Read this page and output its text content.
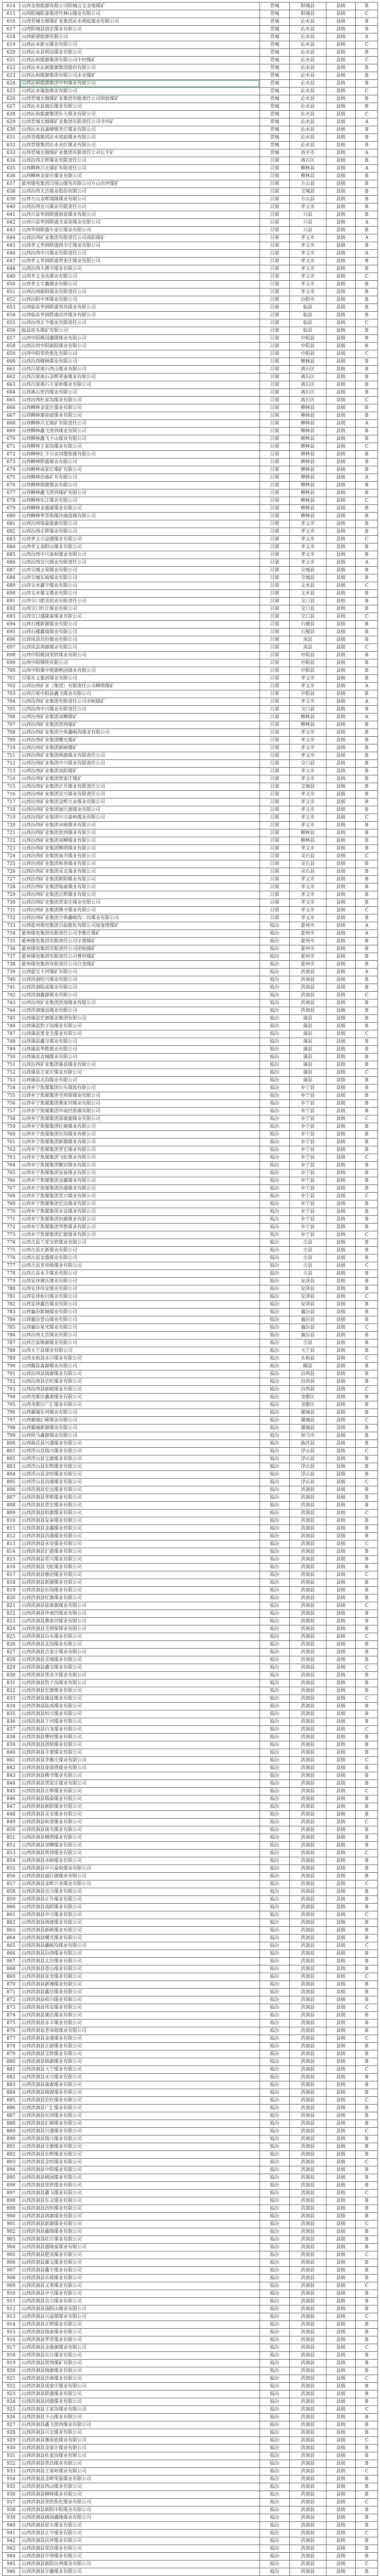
614	山西金海能源有限公司阳城五宝金地煤矿	晋城	阳城县	县级	B
615	山西阳城阳泰集团竹林山煤业有限公司	晋城	阳城县	县级	C
616	山西晋城无烟煤矿业集团沁水胡底煤业有限公司	晋城	沁水县	县级	B
617	山西阳城县润宏煤业有限公司	晋城	沁水县	县级	B
618	山西新港能源有限公司	晋城	沁水县	县级	A
619	山西沁水新元煤业有限公司	晋城	沁水县	县级	C
620	山西沁水县利达煤业有限公司	晋城	沁水县	县级	B
621	山西沁和能源集团有限公司中村煤矿	晋城	沁水县	县级	C
622	山西沁水沁新能源集团股份有限公司	晋城	沁水县	县级	B
623	山西沁和能源集团有限公司永安煤矿	晋城	沁水县	县级	B
624	山西沁和能源集团中村煤业有限公司	晋城	沁水县	县级	B
625	山西沁水蒲池煤业有限公司	晋城	沁水县	县级	C
626	山西晋城无烟煤矿业集团有限责任公司胡底煤矿	晋城	沁水县	县级	B
627	山西沁水县端氏煤业有限公司	晋城	沁水县	县级	B
628	山西沁和能源集团东大煤业有限公司	晋城	沁水县	县级	C
629	山西晋城无烟煤矿业集团有限责任公司寺河矿	晋城	沁水县	县级	A
630	山西沁水县嘉峰镇李庄煤业有限公司	晋城	沁水县	县级	B
631	山西晋煤集团沁水胡底煤业有限公司	晋城	沁水县	县级	B
632	山西晋煤集团沁水永红煤业有限公司	晋城	沁水县	县级	B
633	山西晋城无烟煤矿业集团有限责任公司长平矿	晋城	高平市	县级	A
634	山西汾西正晖煤业有限责任公司	吕梁	离石区	县级	B
635	山西柳林兴无煤矿有限责任公司	吕梁	柳林县	县级	A
636	山西柳林金家庄煤业有限公司	吕梁	柳林县	县级	B
637	霍州煤电集团吕梁山煤电有限公司方山店坪煤矿	吕梁	方山县	县级	B
638	山西汾西太岳煤业股份有限公司	吕梁	交城县	县级	B
639	山西方山金晖瑞隆煤业有限公司	吕梁	方山县	县级	B
640	山西汾西宜兴煤业有限责任公司	吕梁	孝义市	县级	B
641	山西兴县华润联盛峁底煤业有限公司	吕梁	兴县	县级	B
642	山西兴县华润联盛关家崖煤业有限公司	吕梁	兴县	县级	A
643	山西华润联盛车家庄煤业有限公司	吕梁	兴县	县级	B
644	山西汾西矿业集团有限责任公司高阳煤矿	吕梁	孝义市	县级	A
645	山西孝义华润联盛西辛庄煤业有限公司	吕梁	孝义市	县级	B
646	山西汾西中兴煤业有限责任公司	吕梁	孝义市	县级	A
647	山西孝义华润联盛贾家庄煤业有限公司	吕梁	孝义市	县级	B
648	山西汾西大佛寺煤业有限公司	吕梁	孝义市	县级	B
649	山西孝义金达煤业有限公司	吕梁	孝义市	县级	C
650	山西孝义宇鑫煤业有限公司	吕梁	孝义市	县级	B
651	山西汾西新阳煤业有限责任公司	吕梁	孝义市	县级	B
652	山西汾阳中邦煤业有限公司	吕梁	汾阳市	县级	B
653	山西临县华润联盛荣昌煤业有限公司	吕梁	临县	县级	B
654	山西临县华润联盛店坪煤业有限公司	吕梁	临县	县级	B
655	山西汾西正令煤业有限责任公司	吕梁	临县	县级	C
656	临县窑头煤矿有限公司	吕梁	临县	县级	B
657	山西中阳桃园鑫隆煤业有限公司	吕梁	中阳县	县级	B
658	山西汾西中阳新阳煤业有限公司	吕梁	中阳县	县级	B
659	山西中阳荣欣焦化有限公司	吕梁	中阳县	县级	C
660	山西汾西柳林煤业有限公司	吕梁	柳林县	县级	B
661	山西吕梁离石西山煤业有限公司	吕梁	离石区	县级	B
662	山西吕梁离石金晖荣泰煤业有限公司	吕梁	离石区	县级	B
663	山西吕梁离石王家岭煤业有限公司	吕梁	离石区	县级	B
664	山西离石贺昌煤业有限公司	吕梁	离石区	县级	B
665	山西汾西杜家沟煤业有限公司	吕梁	离石区	县级	C
666	山西柳林金家庄煤业有限公司	吕梁	柳林县	县级	B
667	山西柳林寨崖底煤业有限公司	吕梁	柳林县	县级	B
668	山西柳林兴无煤矿有限责任公司	吕梁	柳林县	县级	A
669	山西柳林鑫飞贺西煤业有限公司	吕梁	柳林县	县级	B
670	山西柳林鑫飞下山煤业有限公司	吕梁	柳林县	县级	B
671	山西柳林王家沟煤业有限公司	吕梁	柳林县	县级	C
672	山西柳林汇丰兴业同德焦煤有限公司	吕梁	柳林县	县级	B
673	山西柳林联盛煤业有限公司	吕梁	柳林县	县级	B
674	山西柳林成家庄煤矿有限公司	吕梁	柳林县	县级	B
675	山西柳林沙曲矿井有限公司	吕梁	柳林县	县级	A
676	山西柳林锦源煤业有限公司	吕梁	柳林县	县级	B
677	山西柳林鑫飞贺西煤矿有限公司	吕梁	柳林县	县级	B
678	山西柳林东江煤业有限公司	吕梁	柳林县	县级	C
679	山西柳林金盛源煤业有限公司	吕梁	柳林县	县级	B
680	山西柳林华晋焦煤沙曲选煤有限公司	吕梁	柳林县	县级	B
681	山西汾西瑞泰能源有限公司	吕梁	孝义市	县级	B
682	山西汾西正晖煤业有限公司	吕梁	孝义市	县级	B
683	山西孝义兴益德煤业有限公司	吕梁	孝义市	县级	C
684	山西孝义南阳山煤业有限公司	吕梁	孝义市	县级	B
685	山西汾西中兴泰和煤业有限公司	吕梁	孝义市	县级	B
686	山西汾西宜兴煤业有限责任公司	吕梁	孝义市	县级	A
687	山西交城义棠煤业有限公司	吕梁	交城县	县级	B
688	山西交城东坡煤业有限公司	吕梁	交城县	县级	B
689	山西文水鑫宇煤业有限公司	吕梁	文水县	县级	C
690	山西文水冀文煤业有限公司	吕梁	文水县	县级	B
691	山西交口肥美铝业有限责任公司	吕梁	交口县	县级	B
692	山西交口旺庄煤业有限公司	吕梁	交口县	县级	B
693	山西交口盛隆泰煤业有限公司	吕梁	交口县	县级	C
694	山西石楼新源煤业有限公司	吕梁	石楼县	县级	B
695	山西石楼鑫瑞煤业有限公司	吕梁	石楼县	县级	B
696	山西岚县昌恒煤业有限公司	吕梁	岚县	县级	B
697	山西岚县鸿源煤业有限公司	吕梁	岚县	县级	C
698	山西中阳桃园荣欣煤业有限公司	吕梁	中阳县	县级	B
699	山西中阳钢铁有限公司	吕梁	中阳县	县级	B
700	山西中阳冀中能源桃园煤业有限公司	吕梁	中阳县	县级	B
701	吕梁东义集团煤业有限公司	吕梁	孝义市	县级	B
702	山西汾西矿业（集团）有限责任公司柳湾煤矿	吕梁	孝义市	县级	A
703	山西吕梁中阳县鑫飞煤业有限公司	吕梁	中阳县	县级	B
704	山西汾西矿业集团有限责任公司水峪煤矿	吕梁	孝义市	县级	A
705	山西汾西中兴煤业有限责任公司	吕梁	交口县	县级	B
706	山西汾西矿业集团双柳煤矿	吕梁	柳林县	县级	A
707	山西汾西矿业集团贺西煤矿	吕梁	柳林县	县级	B
708	山西汾西矿业集团介休鑫峪沟煤业有限公司	吕梁	孝义市	县级	B
709	山西汾西矿业集团曙光煤矿	吕梁	孝义市	县级	B
710	山西汾西矿业集团新峪煤矿	吕梁	孝义市	县级	B
711	山西汾西矿业集团两渡煤业有限责任公司	吕梁	孝义市	县级	B
712	山西汾西矿业集团中兴煤业有限责任公司	吕梁	交口县	县级	B
713	山西汾西矿业集团高阳煤矿	吕梁	孝义市	县级	B
714	山西汾西矿业集团贾家庄煤矿	吕梁	孝义市	县级	B
715	山西汾西矿业集团正升煤业有限责任公司	吕梁	交城县	县级	B
716	山西汾西矿业集团宜兴煤业有限责任公司	吕梁	孝义市	县级	B
717	山西汾西矿业集团金晖兴业煤业有限公司	吕梁	孝义市	县级	B
718	山西汾西矿业集团福巨源煤业有限公司	吕梁	孝义市	县级	B
719	山西汾西矿业集团中兴泰和煤业有限公司	吕梁	孝义市	县级	C
720	山西汾西矿业集团水峪煤业有限公司	吕梁	孝义市	县级	B
721	山西汾西矿业集团贺西煤业有限公司	吕梁	柳林县	县级	B
722	山西汾西矿业集团双柳煤业有限公司	吕梁	柳林县	县级	B
723	山西汾西矿业集团柳湾煤业有限公司	吕梁	孝义市	县级	B
724	山西汾西矿业集团南关煤业有限公司	吕梁	灵石县	县级	C
725	山西汾西矿业集团和善煤业有限公司	吕梁	灵石县	县级	B
726	山西汾西矿业集团灵北煤业有限公司	吕梁	灵石县	县级	B
727	山西汾西矿业集团新阳煤业有限公司	吕梁	孝义市	县级	B
728	山西汾西矿业集团瑞泰煤业有限公司	吕梁	孝义市	县级	B
729	山西汾西矿业集团正晖煤业有限公司	吕梁	孝义市	县级	B
730	山西汾西矿业集团贾家庄煤业有限公司	吕梁	孝义市	县级	B
731	山西汾西矿业集团佛寺煤业有限公司	吕梁	孝义市	县级	C
732	山西汾西矿业集团介休鑫峪沟二坑煤业有限公司	吕梁	孝义市	县级	B
733	山西霍州煤电集团吕临能化有限公司庞庞塔煤矿	临汾	霍州市	县级	A
734	霍州煤电集团有限责任公司李雅庄煤矿	临汾	霍州市	县级	A
735	霍州煤电集团有限责任公司辛置煤矿	临汾	霍州市	县级	B
736	霍州煤电集团有限责任公司团柏煤矿	临汾	霍州市	县级	B
737	霍州煤电集团有限责任公司曹村煤矿	临汾	霍州市	县级	B
738	霍州煤电集团有限责任公司白龙煤矿	临汾	霍州市	县级	B
739	山西霍宝干河煤矿有限公司	临汾	洪洞县	县级	A
740	山西洪洞恒兴煤业有限公司	临汾	洪洞县	县级	B
741	山西洪洞陆成煤业有限公司	临汾	洪洞县	县级	B
742	山西洪洞鑫源煤业有限公司	临汾	洪洞县	县级	C
743	山西汾西矿业集团洪洞煤业有限公司	临汾	洪洞县	县级	B
744	山西洪洞蒲县煤业有限公司	临汾	洪洞县	县级	B
745	山西蒲县宏源煤业集团有限公司	临汾	蒲县	县级	B
746	山西蒲县豹子沟煤业有限公司	临汾	蒲县	县级	B
747	山西蒲县黑龙关煤业有限公司	临汾	蒲县	县级	C
748	山西蒲县鑫宝煤业有限公司	临汾	蒲县	县级	B
749	山西蒲县华胜煤业有限公司	临汾	蒲县	县级	B
750	山西蒲县克城煤业有限公司	临汾	蒲县	县级	B
751	山西汾西矿业集团蒲县煤业有限公司	临汾	蒲县	县级	B
752	山西蒲县吉家庄煤业有限公司	临汾	蒲县	县级	C
753	山西蒲县北沟煤业有限公司	临汾	蒲县	县级	B
754	山西乡宁焦煤集团台头煤焦有限公司	临汾	乡宁县	县级	B
755	山西乡宁焦煤集团毛则渠煤炭有限公司	临汾	乡宁县	县级	B
756	山西乡宁焦煤集团燕家河煤业有限公司	临汾	乡宁县	县级	B
757	山西乡宁焦煤集团申南凹焦煤有限公司	临汾	乡宁县	县级	B
758	山西乡宁焦煤集团富康源煤业有限公司	临汾	乡宁县	县级	C
759	山西乡宁焦煤集团红旗煤业有限公司	临汾	乡宁县	县级	B
760	山西乡宁焦煤集团东沟煤业有限公司	临汾	乡宁县	县级	B
761	山西乡宁焦煤集团新源煤业有限公司	临汾	乡宁县	县级	B
762	山西乡宁焦煤集团晋宏煤业有限公司	临汾	乡宁县	县级	B
763	山西乡宁焦煤集团飞虹煤业有限公司	临汾	乡宁县	县级	C
764	山西乡宁焦煤集团雅居煤业有限公司	临汾	乡宁县	县级	B
765	山西乡宁焦煤集团安泰煤业有限公司	临汾	乡宁县	县级	B
766	山西乡宁焦煤集团金鑫煤业有限公司	临汾	乡宁县	县级	B
767	山西乡宁焦煤集团昌盛煤业有限公司	临汾	乡宁县	县级	B
768	山西乡宁焦煤集团晋兴煤业有限公司	临汾	乡宁县	县级	C
769	山西乡宁焦煤集团宏达煤业有限公司	临汾	乡宁县	县级	B
770	山西乡宁焦煤集团永安煤业有限公司	临汾	乡宁县	县级	B
771	山西乡宁焦煤集团恒源煤业有限公司	临汾	乡宁县	县级	B
772	山西乡宁焦煤集团华胜煤业有限公司	临汾	乡宁县	县级	B
773	山西乡宁焦煤集团汇能煤业有限公司	临汾	乡宁县	县级	C
774	山西古县兰花宝欣煤业有限公司	临汾	古县	县级	B
775	山西古县正新煤业有限公司	临汾	古县	县级	B
776	山西古县金盛煤业有限公司	临汾	古县	县级	B
777	山西古县老母坡煤业有限公司	临汾	古县	县级	C
778	山西古县永丰煤业有限公司	临汾	古县	县级	B
779	山西安泽冀氏煤业有限公司	临汾	安泽县	县级	B
780	山西安泽伟安煤业有限公司	临汾	安泽县	县级	B
781	山西安泽和川煤业有限公司	临汾	安泽县	县级	C
782	山西安泽鑫岳煤业有限公司	临汾	安泽县	县级	B
783	山西襄汾新城煤业有限公司	临汾	襄汾县	县级	B
784	山西襄汾苍山煤业有限公司	临汾	襄汾县	县级	B
785	山西襄汾星光煤业有限公司	临汾	襄汾县	县级	C
786	山西汾西太岳煤业有限公司	临汾	襄汾县	县级	B
787	山西吉县锦源煤业有限公司	临汾	吉县	县级	B
788	山西大宁县煤业有限公司	临汾	大宁县	县级	B
789	山西永和县永兴煤业有限公司	临汾	永和县	县级	C
790	山西隰县森源煤业有限公司	临汾	隰县	县级	B
791	山西汾西县瑞源煤业有限公司	临汾	汾西县	县级	B
792	山西汾西县宏旺煤业有限公司	临汾	汾西县	县级	B
793	山西汾西县新峪煤业有限公司	临汾	汾西县	县级	C
794	山西尧都区鑫源煤业有限公司	临汾	尧都区	县级	B
795	山西尧都区广汇煤业有限公司	临汾	尧都区	县级	B
796	山西翼城东河煤业有限公司	临汾	翼城县	县级	B
797	山西翼城汇嵘煤业有限公司	临汾	翼城县	县级	C
798	山西翼城新源煤业有限公司	临汾	翼城县	县级	B
799	山西侯马鑫源煤业有限公司	临汾	侯马市	县级	B
800	山西曲沃县兴盛煤业有限公司	临汾	曲沃县	县级	B
801	山西浮山县瑞兴煤业有限公司	临汾	浮山县	县级	C
802	山西浮山县宝源煤业有限公司	临汾	浮山县	县级	B
803	山西浮山县东辉煤业有限公司	临汾	浮山县	县级	B
804	山西浮山县金恒煤业有限公司	临汾	浮山县	县级	B
805	山西浮山县昌盛煤业有限公司	临汾	浮山县	县级	C
806	山西洪洞县宏达煤业有限公司	临汾	洪洞县	县级	B
807	山西洪洞县华胜煤业有限公司	临汾	洪洞县	县级	B
808	山西洪洞县晋宏煤业有限公司	临汾	洪洞县	县级	B
809	山西洪洞县恒源煤业有限公司	临汾	洪洞县	县级	C
810	山西洪洞县安泰煤业有限公司	临汾	洪洞县	县级	B
811	山西洪洞县金鑫煤业有限公司	临汾	洪洞县	县级	B
812	山西洪洞县昌盛煤业有限公司	临汾	洪洞县	县级	B
813	山西洪洞县永安煤业有限公司	临汾	洪洞县	县级	C
814	山西洪洞县汇能煤业有限公司	临汾	洪洞县	县级	B
815	山西洪洞县晋兴煤业有限公司	临汾	洪洞县	县级	B
816	山西洪洞县飞虹煤业有限公司	临汾	洪洞县	县级	B
817	山西洪洞县雅居煤业有限公司	临汾	洪洞县	县级	C
818	山西洪洞县新源煤业有限公司	临汾	洪洞县	县级	B
819	山西洪洞县东沟煤业有限公司	临汾	洪洞县	县级	B
820	山西洪洞县红旗煤业有限公司	临汾	洪洞县	县级	B
821	山西洪洞县富康源煤业有限公司	临汾	洪洞县	县级	C
822	山西洪洞县申南凹煤业有限公司	临汾	洪洞县	县级	B
823	山西洪洞县燕家河煤业有限公司	临汾	洪洞县	县级	B
824	山西洪洞县毛则渠煤业有限公司	临汾	洪洞县	县级	B
825	山西洪洞县台头煤业有限公司	临汾	洪洞县	县级	C
826	山西洪洞县北沟煤业有限公司	临汾	洪洞县	县级	B
827	山西洪洞县吉家庄煤业有限公司	临汾	洪洞县	县级	B
828	山西洪洞县克城煤业有限公司	临汾	洪洞县	县级	B
829	山西洪洞县鑫宝煤业有限公司	临汾	洪洞县	县级	C
830	山西洪洞县黑龙关煤业有限公司	临汾	洪洞县	县级	B
831	山西洪洞县豹子沟煤业有限公司	临汾	洪洞县	县级	B
832	山西洪洞县宏源煤业有限公司	临汾	洪洞县	县级	B
833	山西洪洞县蒲县煤业有限公司	临汾	洪洞县	县级	C
834	山西洪洞县陆成煤业有限公司	临汾	洪洞县	县级	B
835	山西洪洞县恒兴煤业有限公司	临汾	洪洞县	县级	B
836	山西洪洞县干河煤业有限公司	临汾	洪洞县	县级	B
837	山西洪洞县白龙煤业有限公司	临汾	洪洞县	县级	C
838	山西洪洞县曹村煤业有限公司	临汾	洪洞县	县级	B
839	山西洪洞县团柏煤业有限公司	临汾	洪洞县	县级	B
840	山西洪洞县辛置煤业有限公司	临汾	洪洞县	县级	B
841	山西洪洞县李雅庄煤业有限公司	临汾	洪洞县	县级	C
842	山西洪洞县庞庞塔煤业有限公司	临汾	洪洞县	县级	B
843	山西洪洞县佛寺煤业有限公司	临汾	洪洞县	县级	B
844	山西洪洞县贾家庄煤业有限公司	临汾	洪洞县	县级	B
845	山西洪洞县正晖煤业有限公司	临汾	洪洞县	县级	C
846	山西洪洞县瑞泰煤业有限公司	临汾	洪洞县	县级	B
847	山西洪洞县新阳煤业有限公司	临汾	洪洞县	县级	B
848	山西洪洞县灵北煤业有限公司	临汾	洪洞县	县级	B
849	山西洪洞县和善煤业有限公司	临汾	洪洞县	县级	C
850	山西洪洞县南关煤业有限公司	临汾	洪洞县	县级	B
851	山西洪洞县柳湾煤业有限公司	临汾	洪洞县	县级	B
852	山西洪洞县双柳煤业有限公司	临汾	洪洞县	县级	B
853	山西洪洞县贺西煤业有限公司	临汾	洪洞县	县级	C
854	山西洪洞县水峪煤业有限公司	临汾	洪洞县	县级	B
855	山西洪洞县中兴泰和煤业有限公司	临汾	洪洞县	县级	B
856	山西洪洞县福巨源煤业有限公司	临汾	洪洞县	县级	B
857	山西洪洞县金晖兴业煤业有限公司	临汾	洪洞县	县级	C
858	山西洪洞县宜兴煤业有限公司	临汾	洪洞县	县级	B
859	山西洪洞县正升煤业有限公司	临汾	洪洞县	县级	B
860	山西洪洞县高阳煤业有限公司	临汾	洪洞县	县级	B
861	山西洪洞县中兴煤业有限公司	临汾	洪洞县	县级	C
862	山西洪洞县两渡煤业有限公司	临汾	洪洞县	县级	B
863	山西洪洞县新峪煤业有限公司	临汾	洪洞县	县级	B
864	山西洪洞县曙光煤业有限公司	临汾	洪洞县	县级	B
865	山西洪洞县鑫峪沟煤业有限公司	临汾	洪洞县	县级	C
866	山西洪洞县汾西煤业有限公司	临汾	洪洞县	县级	B
867	山西洪洞县太岳煤业有限公司	临汾	洪洞县	县级	B
868	山西洪洞县苍山煤业有限公司	临汾	洪洞县	县级	B
869	山西洪洞县星光煤业有限公司	临汾	洪洞县	县级	C
870	山西洪洞县新城煤业有限公司	临汾	洪洞县	县级	B
871	山西洪洞县鑫岳煤业有限公司	临汾	洪洞县	县级	B
872	山西洪洞县和川煤业有限公司	临汾	洪洞县	县级	B
873	山西洪洞县伟安煤业有限公司	临汾	洪洞县	县级	C
874	山西洪洞县冀氏煤业有限公司	临汾	洪洞县	县级	B
875	山西洪洞县永丰煤业有限公司	临汾	洪洞县	县级	B
876	山西洪洞县老母坡煤业有限公司	临汾	洪洞县	县级	B
877	山西洪洞县金盛煤业有限公司	临汾	洪洞县	县级	C
878	山西洪洞县正新煤业有限公司	临汾	洪洞县	县级	B
879	山西洪洞县宝欣煤业有限公司	临汾	洪洞县	县级	B
880	山西洪洞县锦源煤业有限公司	临汾	洪洞县	县级	B
881	山西洪洞县大宁煤业有限公司	临汾	洪洞县	县级	C
882	山西洪洞县永兴煤业有限公司	临汾	洪洞县	县级	B
883	山西洪洞县森源煤业有限公司	临汾	洪洞县	县级	B
884	山西洪洞县瑞源煤业有限公司	临汾	洪洞县	县级	B
885	山西洪洞县宏旺煤业有限公司	临汾	洪洞县	县级	C
886	山西洪洞县广汇煤业有限公司	临汾	洪洞县	县级	B
887	山西洪洞县东河煤业有限公司	临汾	洪洞县	县级	B
888	山西洪洞县汇嵘煤业有限公司	临汾	洪洞县	县级	B
889	山西洪洞县兴盛煤业有限公司	临汾	洪洞县	县级	C
890	山西洪洞县瑞兴煤业有限公司	临汾	洪洞县	县级	B
891	山西洪洞县宝源煤业有限公司	临汾	洪洞县	县级	B
892	山西洪洞县东辉煤业有限公司	临汾	洪洞县	县级	B
893	山西洪洞县金恒煤业有限公司	临汾	洪洞县	县级	C
894	山西洪洞县中阳煤业有限公司	临汾	洪洞县	县级	B
895	山西洪洞县桃园煤业有限公司	临汾	洪洞县	县级	B
896	山西洪洞县荣欣煤业有限公司	临汾	洪洞县	县级	B
897	山西洪洞县鑫飞煤业有限公司	临汾	洪洞县	县级	C
898	山西洪洞县东义煤业有限公司	临汾	洪洞县	县级	B
899	山西洪洞县昌恒煤业有限公司	临汾	洪洞县	县级	B
900	山西洪洞县鸿源煤业有限公司	临汾	洪洞县	县级	B
901	山西洪洞县新源煤业有限公司	临汾	洪洞县	县级	C
902	山西洪洞县鑫瑞煤业有限公司	临汾	洪洞县	县级	B
903	山西洪洞县旺庄煤业有限公司	临汾	洪洞县	县级	B
904	山西洪洞县盛隆泰煤业有限公司	临汾	洪洞县	县级	B
905	山西洪洞县肥美煤业有限公司	临汾	洪洞县	县级	C
906	山西洪洞县冀文煤业有限公司	临汾	洪洞县	县级	B
907	山西洪洞县鑫宇煤业有限公司	临汾	洪洞县	县级	B
908	山西洪洞县东坡煤业有限公司	临汾	洪洞县	县级	B
909	山西洪洞县义棠煤业有限公司	临汾	洪洞县	县级	C
910	山西洪洞县中兴煤业有限公司	临汾	洪洞县	县级	B
911	山西洪洞县宜兴煤业有限公司	临汾	洪洞县	县级	B
912	山西洪洞县南阳山煤业有限公司	临汾	洪洞县	县级	B
913	山西洪洞县兴益德煤业有限公司	临汾	洪洞县	县级	C
914	山西洪洞县正晖煤业有限公司	临汾	洪洞县	县级	B
915	山西洪洞县瑞泰煤业有限公司	临汾	洪洞县	县级	B
916	山西洪洞县华晋煤业有限公司	临汾	洪洞县	县级	B
917	山西洪洞县金盛源煤业有限公司	临汾	洪洞县	县级	C
918	山西洪洞县东江煤业有限公司	临汾	洪洞县	县级	B
919	山西洪洞县贺西煤矿有限公司	临汾	洪洞县	县级	B
920	山西洪洞县锦源煤业有限公司	临汾	洪洞县	县级	B
921	山西洪洞县沙曲煤业有限公司	临汾	洪洞县	县级	C
922	山西洪洞县成家庄煤业有限公司	临汾	洪洞县	县级	B
923	山西洪洞县联盛煤业有限公司	临汾	洪洞县	县级	B
924	山西洪洞县同德煤业有限公司	临汾	洪洞县	县级	B
925	山西洪洞县王家沟煤业有限公司	临汾	洪洞县	县级	C
926	山西洪洞县下山煤业有限公司	临汾	洪洞县	县级	B
927	山西洪洞县鑫飞贺西煤业有限公司	临汾	洪洞县	县级	B
928	山西洪洞县兴无煤业有限公司	临汾	洪洞县	县级	B
929	山西洪洞县寨崖底煤业有限公司	临汾	洪洞县	县级	C
930	山西洪洞县金家庄煤业有限公司	临汾	洪洞县	县级	B
931	山西洪洞县杜家沟煤业有限公司	临汾	洪洞县	县级	B
932	山西洪洞县贺昌煤业有限公司	临汾	洪洞县	县级	B
933	山西洪洞县王家岭煤业有限公司	临汾	洪洞县	县级	C
934	山西洪洞县金晖荣泰煤业有限公司	临汾	洪洞县	县级	B
935	山西洪洞县西山煤业有限公司	临汾	洪洞县	县级	B
936	山西洪洞县柳林煤业有限公司	临汾	洪洞县	县级	B
937	山西洪洞县荣欣焦化煤业有限公司	临汾	洪洞县	县级	C
938	山西洪洞县新阳中阳煤业有限公司	临汾	洪洞县	县级	B
939	山西洪洞县桃园鑫隆煤业有限公司	临汾	洪洞县	县级	B
940	山西洪洞县窑头煤业有限公司	临汾	洪洞县	县级	B
941	山西洪洞县正令煤业有限公司	临汾	洪洞县	县级	C
942	山西洪洞县店坪煤业有限公司	临汾	洪洞县	县级	B
943	山西洪洞县荣昌煤业有限公司	临汾	洪洞县	县级	B
944	山西洪洞县中邦煤业有限公司	临汾	洪洞县	县级	B
945	山西洪洞县新阳汾西煤业有限公司	临汾	洪洞县	县级	C
946	山西洪洞县宇鑫煤业有限公司	临汾	洪洞县	县级	B
